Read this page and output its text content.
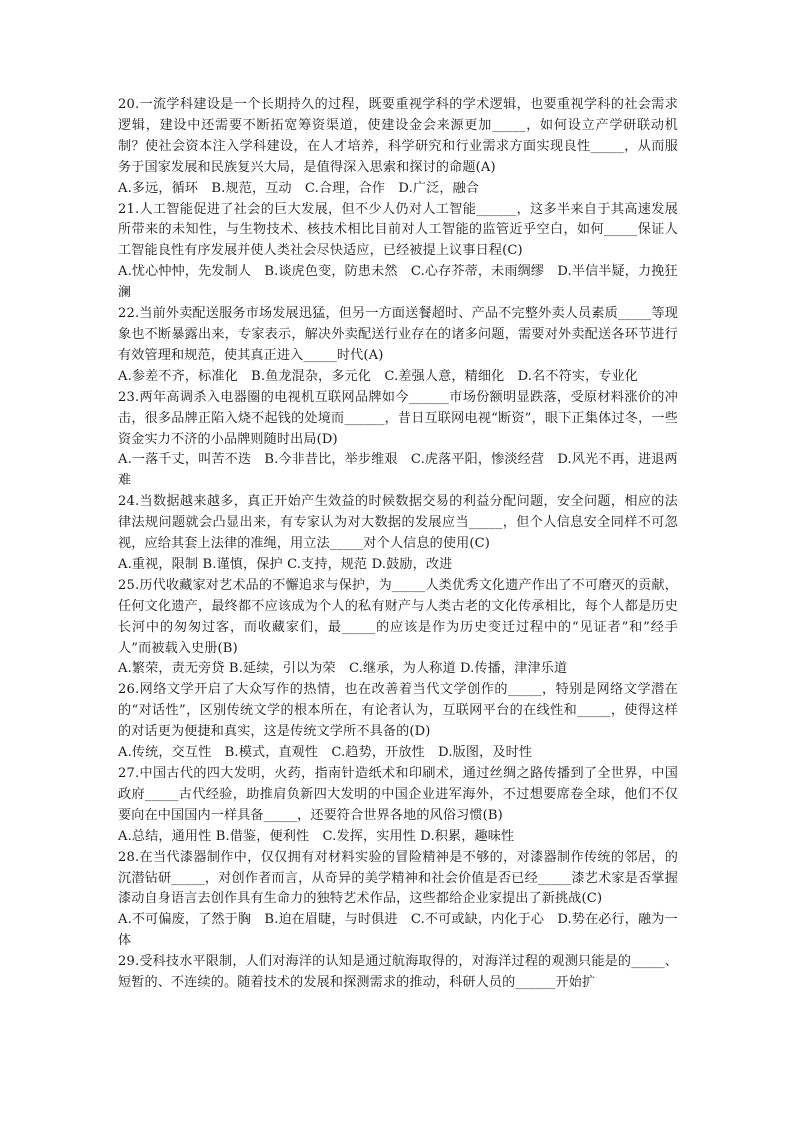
20.一流学科建设是一个长期持久的过程，既要重视学科的学术逻辑，也要重视学科的社会需求逻辑，建设中还需要不断拓宽筹资渠道，使建设金会来源更加_____，如何设立产学研联动机制？使社会资本注入学科建设，在人才培养，科学研究和行业需求方面实现良性_____，从而服务于国家发展和民族复兴大局，是值得深入思索和探讨的命题(A)

A.多远，循环　B.规范，互动　C.合理，合作　D.广泛，融合

21.人工智能促进了社会的巨大发展，但不少人仍对人工智能______，这多半来自于其高速发展所带来的未知性，与生物技术、核技术相比目前对人工智能的监管近乎空白，如何_____保证人工智能良性有序发展并使人类社会尽快适应，已经被提上议事日程(C)

A.忧心忡忡，先发制人　B.谈虎色变，防患未然　C.心存芥蒂，未雨绸缪　D.半信半疑，力挽狂澜

22.当前外卖配送服务市场发展迅猛，但另一方面送餐超时、产品不完整外卖人员素质_____等现象也不断暴露出来，专家表示，解决外卖配送行业存在的诸多问题，需要对外卖配送各环节进行有效管理和规范，使其真正进入_____时代(A)

A.参差不齐，标准化　B.鱼龙混杂，多元化　C.差强人意，精细化　D.名不符实，专业化

23.两年高调杀入电器圈的电视机互联网品牌如今______市场份额明显跌落，受原材料涨价的冲击，很多品牌正陷入烧不起钱的处境而______，昔日互联网电视“断资”，眼下正集体过冬，一些资金实力不济的小品牌则随时出局(D)

A.一落千丈，叫苦不迭　B.今非昔比，举步维艰　C.虎落平阳，惨淡经营　D.风光不再，进退两难

24.当数据越来越多，真正开始产生效益的时候数据交易的利益分配问题，安全问题，相应的法律法规问题就会凸显出来，有专家认为对大数据的发展应当_____，但个人信息安全同样不可忽视，应给其套上法律的准绳，用立法_____对个人信息的使用(C)

A.重视，限制 B.谨慎，保护 C.支持，规范 D.鼓励，改进

25.历代收藏家对艺术品的不懈追求与保护，为_____人类优秀文化遗产作出了不可磨灭的贡献，任何文化遗产，最终都不应该成为个人的私有财产与人类古老的文化传承相比，每个人都是历史长河中的匆匆过客，而收藏家们，最_____的应该是作为历史变迁过程中的“见证者”和”经手人”而被载入史册(B)

A.繁荣，责无旁贷 B.延续，引以为荣　C.继承，为人称道 D.传播，津津乐道

26.网络文学开启了大众写作的热情，也在改善着当代文学创作的_____，特别是网络文学潜在的“对话性”，区别传统文学的根本所在，有论者认为，互联网平台的在线性和_____，使得这样的对话更为便捷和真实，这是传统文学所不具备的(D)

A.传统，交互性　B.模式，直观性　C.趋势，开放性　D.版图，及时性

27.中国古代的四大发明，火药，指南针造纸术和印刷术，通过丝绸之路传播到了全世界，中国政府_____古代经验，助推肩负新四大发明的中国企业进军海外，不过想要席卷全球，他们不仅要向在中国国内一样具备_____，还要符合世界各地的风俗习惯(B)

A.总结，通用性 B.借鉴，便利性　C.发挥，实用性 D.积累，趣味性

28.在当代漆器制作中，仅仅拥有对材料实验的冒险精神是不够的，对漆器制作传统的邻居，的沉潜钻研_____，对创作者而言，从奇异的美学精神和社会价值是否已经_____漆艺术家是否掌握漆动自身语言去创作具有生命力的独特艺术作品，这些都给企业家提出了新挑战(C)

A.不可偏废，了然于胸　B.迫在眉睫，与时俱进　C.不可或缺，内化于心　D.势在必行，融为一体

29.受科技水平限制，人们对海洋的认知是通过航海取得的，对海洋过程的观测只能是的_____、短暂的、不连续的。随着技术的发展和探测需求的推动，科研人员的______开始扩
